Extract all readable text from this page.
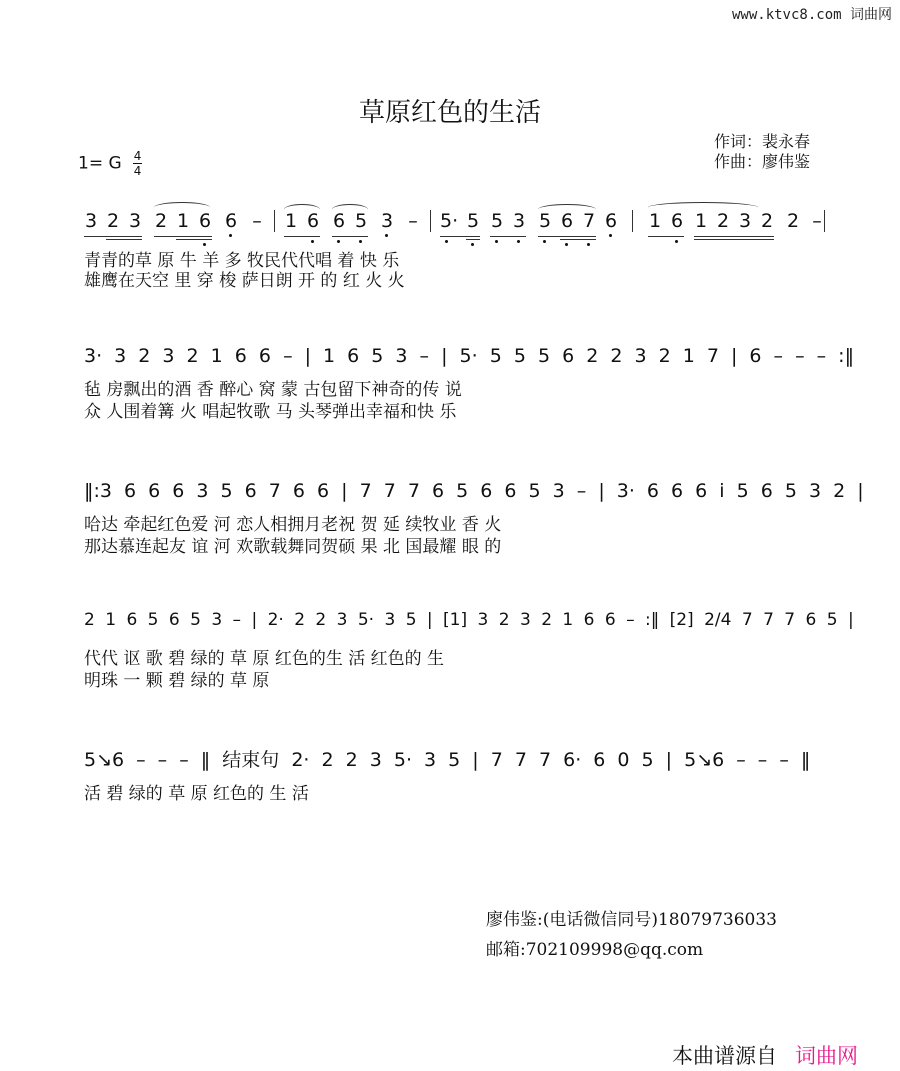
www.ktvc8.com 词曲网
草原红色的生活
作词：裴永春
作曲：廖伟鉴
1= G $\frac{4}{4}$
3 2 3 2 1 6 6 – 1 6 6 5 3 – 5· 5 5 3 5 6 7 6 1 6 1 2 3 2 2 –
青青的草 原 牛 羊 多 牧民代代唱 着 快 乐
雄鹰在天空 里 穿 梭 萨日朗 开 的 红 火 火
3· 3 2 3 2 1 6 6 – | 1 6 5 3 – | 5· 5 5 5 6 2 2 3 2 1 7 | 6 – – – :‖
毡 房飘出的酒 香 醉心 窝 蒙 古包留下神奇的传 说
众 人围着篝 火 唱起牧歌 马 头琴弹出幸福和快 乐
‖:3 6 6 6 3 5 6 7 6 6 | 7 7 7 6 5 6 6 5 3 – | 3· 6 6 6 i 5 6 5 3 2 |
哈达 牵起红色爱 河 恋人相拥月老祝 贺 延 续牧业 香 火
那达慕连起友 谊 河 欢歌载舞同贺硕 果 北 国最耀 眼 的
2 1 6 5 6 5 3 – | 2· 2 2 3 5· 3 5 | [1] 3 2 3 2 1 6 6 – :‖ [2] 2/4 7 7 7 6 5 |
代代 讴 歌 碧 绿的 草 原 红色的生 活 红色的 生
明珠 一 颗 碧 绿的 草 原
5↘6 – – – ‖ 结束句 2· 2 2 3 5· 3 5 | 7 7 7 6· 6 0 5 | 5↘6 – – – ‖
活 碧 绿的 草 原 红色的 生 活
廖伟鉴:(电话微信同号)18079736033
邮箱:702109998@qq.com
本曲谱源自 词曲网
